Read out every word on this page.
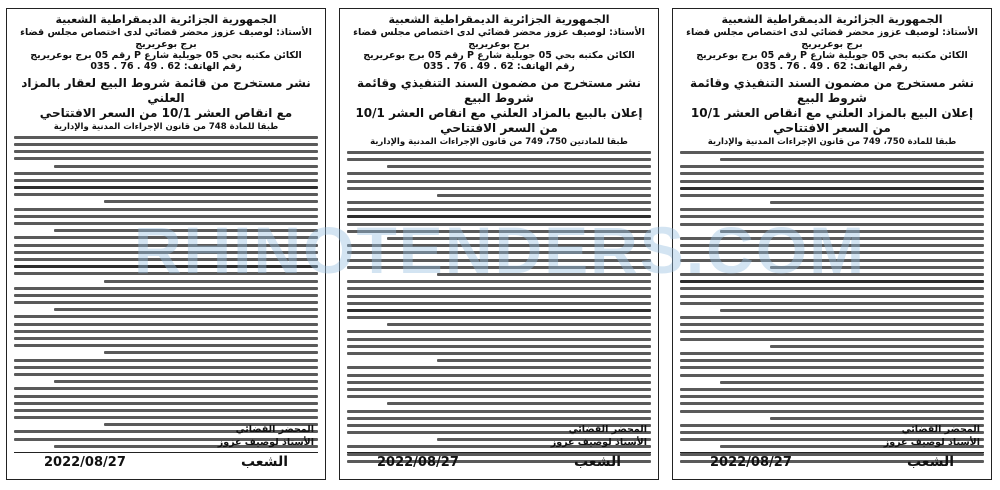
الجمهورية الجزائرية الديمقراطية الشعبية
الأستاذ: لوصيف عزوز محضر قضائي لدى اختصاص مجلس قضاء برج بوعريريج
الكائن مكتبه بحي 05 جويلية شارع P رقم 05 برج بوعريريج
رقم الهاتف: 62 . 49 . 76 . 035
نشر مستخرج من قائمة شروط البيع لعقار بالمزاد العلني
مع انقاص العشر 10/1 من السعر الافتتاحي
طبقا للمادة 748 من قانون الإجراءات المدنية والإدارية
المحضر القضائي
الأستاذ لوصيف عزوز
2022/08/27	الشعب
الجمهورية الجزائرية الديمقراطية الشعبية
الأستاذ: لوصيف عزوز محضر قضائي لدى اختصاص مجلس قضاء برج بوعريريج
الكائن مكتبه بحي 05 جويلية شارع P رقم 05 برج بوعريريج
رقم الهاتف: 62 . 49 . 76 . 035
نشر مستخرج من مضمون السند التنفيذي وقائمة شروط البيع
إعلان بالبيع بالمزاد العلني مع انقاص العشر 10/1 من السعر الافتتاحي
طبقا للمادتين 750، 749 من قانون الإجراءات المدنية والإدارية
المحضر القضائي
الأستاذ لوصيف عزوز
2022/08/27	الشعب
الجمهورية الجزائرية الديمقراطية الشعبية
الأستاذ: لوصيف عزوز محضر قضائي لدى اختصاص مجلس قضاء برج بوعريريج
الكائن مكتبه بحي 05 جويلية شارع P رقم 05 برج بوعريريج
رقم الهاتف: 62 . 49 . 76 . 035
نشر مستخرج من مضمون السند التنفيذي وقائمة شروط البيع
إعلان البيع بالمزاد العلني مع انقاص العشر 10/1 من السعر الافتتاحي
طبقا للمادة 750، 749 من قانون الإجراءات المدنية والإدارية
المحضر القضائي
الأستاذ لوصيف عزوز
2022/08/27	الشعب
RHINOTENDERS.COM
